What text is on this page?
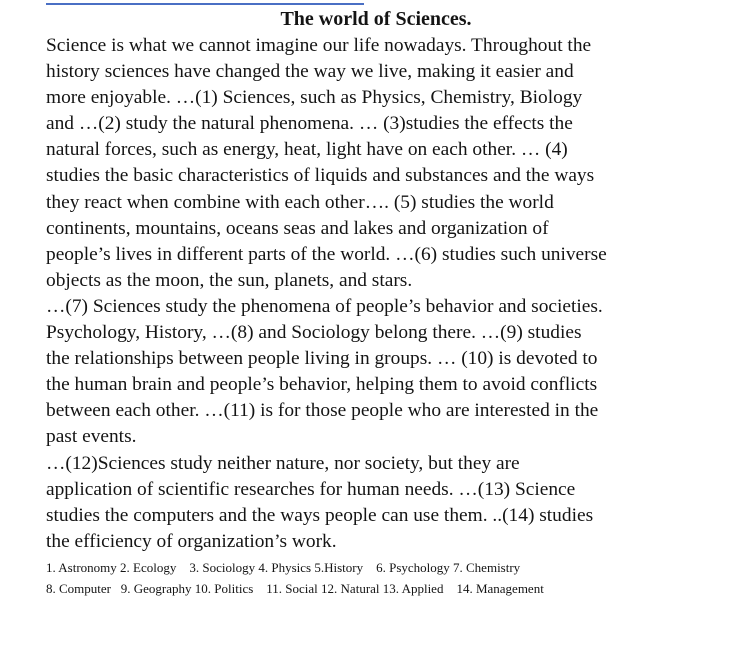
The world of Sciences.

Science is what we cannot imagine our life nowadays. Throughout the
history sciences have changed the way we live, making it easier and
more enjoyable. …(1) Sciences, such as Physics, Chemistry, Biology
and …(2) study the natural phenomena. … (3)studies the effects the
natural forces, such as energy, heat, light have on each other. … (4)
studies the basic characteristics of liquids and substances and the ways
they react when combine with each other…. (5) studies the world
continents, mountains, oceans seas and lakes and organization of
people’s lives in different parts of the world. …(6) studies such universe
objects as the moon, the sun, planets, and stars.

…(7) Sciences study the phenomena of people’s behavior and societies.
Psychology, History, …(8) and Sociology belong there. …(9) studies
the relationships between people living in groups. … (10) is devoted to
the human brain and people’s behavior, helping them to avoid conflicts
between each other. …(11) is for those people who are interested in the
past events.

…(12)Sciences study neither nature, nor society, but they are
application of scientific researches for human needs. …(13) Science
studies the computers and the ways people can use them. ..(14) studies
the efficiency of organization’s work.

1. Astronomy 2. Ecology 3. Sociology 4. Physics 5.History 6. Psychology 7. Chemistry
8. Computer 9. Geography 10. Politics 11. Social 12. Natural 13. Applied 14. Management
